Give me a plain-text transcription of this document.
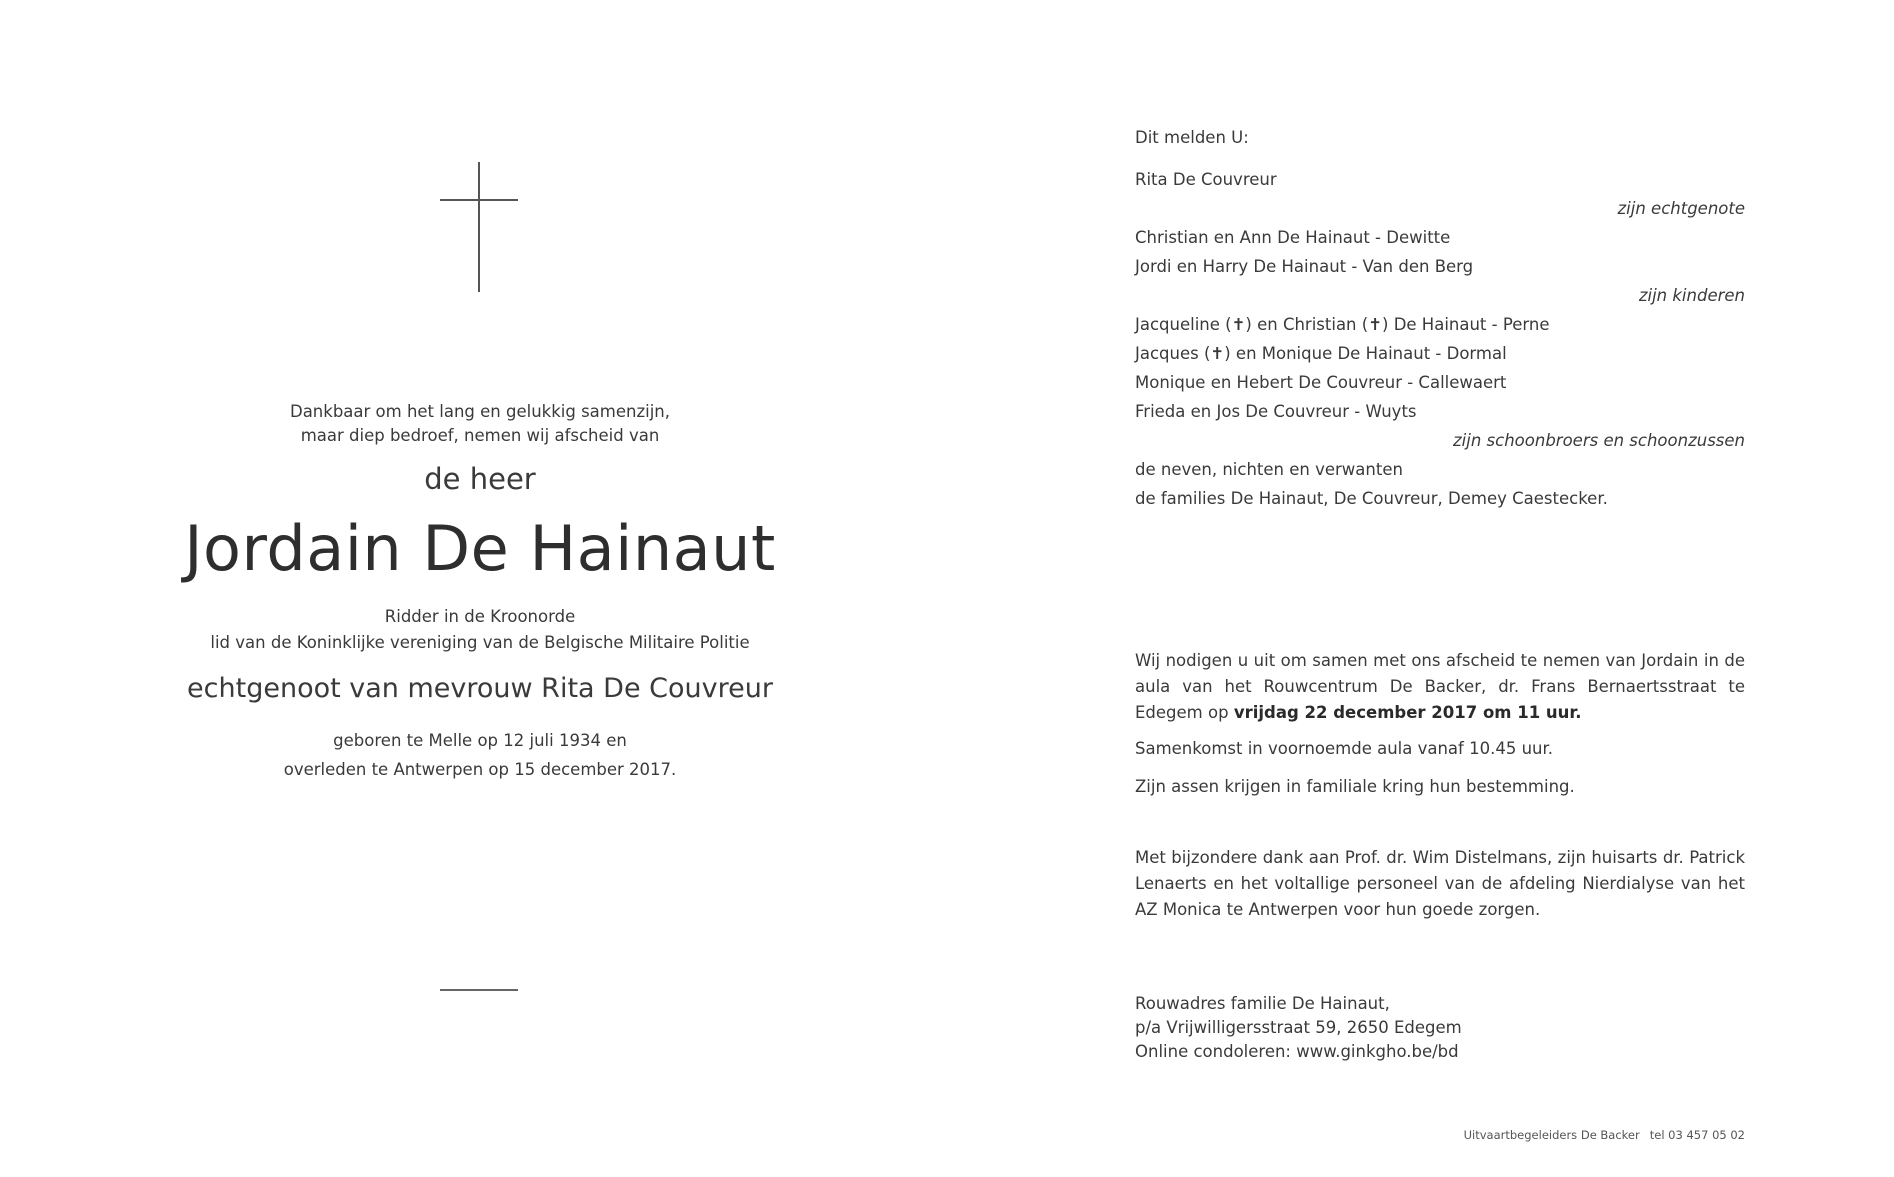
Dankbaar om het lang en gelukkig samenzijn,
maar diep bedroef, nemen wij afscheid van
de heer
Jordain De Hainaut
Ridder in de Kroonorde
lid van de Koninklijke vereniging van de Belgische Militaire Politie
echtgenoot van mevrouw Rita De Couvreur
geboren te Melle op 12 juli 1934 en
overleden te Antwerpen op 15 december 2017.
Dit melden U:
Rita De Couvreur
zijn echtgenote
Christian en Ann De Hainaut - Dewitte
Jordi en Harry De Hainaut - Van den Berg
zijn kinderen
Jacqueline (✝) en Christian (✝) De Hainaut - Perne
Jacques (✝) en Monique De Hainaut - Dormal
Monique en Hebert De Couvreur - Callewaert
Frieda en Jos De Couvreur - Wuyts
zijn schoonbroers en schoonzussen
de neven, nichten en verwanten
de families De Hainaut, De Couvreur, Demey Caestecker.
Wij nodigen u uit om samen met ons afscheid te nemen van Jordain in de aula van het Rouwcentrum De Backer, dr. Frans Bernaertsstraat te Edegem op vrijdag 22 december 2017 om 11 uur.
Samenkomst in voornoemde aula vanaf 10.45 uur.
Zijn assen krijgen in familiale kring hun bestemming.
Met bijzondere dank aan Prof. dr. Wim Distelmans, zijn huisarts dr. Patrick Lenaerts en het voltallige personeel van de afdeling Nierdialyse van het AZ Monica te Antwerpen voor hun goede zorgen.
Rouwadres familie De Hainaut,
p/a Vrijwilligersstraat 59, 2650 Edegem
Online condoleren: www.ginkgho.be/bd
Uitvaartbegeleiders De Backer tel 03 457 05 02
